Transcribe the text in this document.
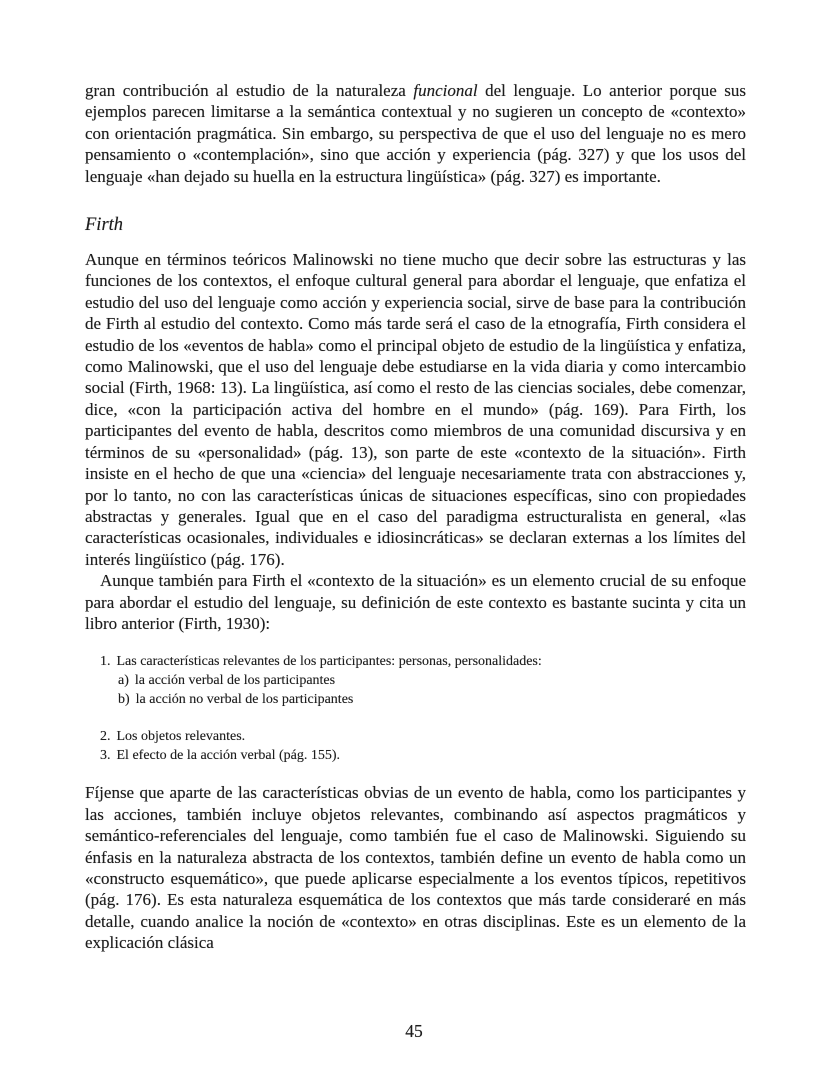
gran contribución al estudio de la naturaleza funcional del lenguaje. Lo anterior porque sus ejemplos parecen limitarse a la semántica contextual y no sugieren un concepto de «contexto» con orientación pragmática. Sin embargo, su perspectiva de que el uso del lenguaje no es mero pensamiento o «contemplación», sino que acción y experiencia (pág. 327) y que los usos del lenguaje «han dejado su huella en la estructura lingüística» (pág. 327) es importante.

Firth

Aunque en términos teóricos Malinowski no tiene mucho que decir sobre las estructuras y las funciones de los contextos, el enfoque cultural general para abordar el lenguaje, que enfatiza el estudio del uso del lenguaje como acción y experiencia social, sirve de base para la contribución de Firth al estudio del contexto. Como más tarde será el caso de la etnografía, Firth considera el estudio de los «eventos de habla» como el principal objeto de estudio de la lingüística y enfatiza, como Malinowski, que el uso del lenguaje debe estudiarse en la vida diaria y como intercambio social (Firth, 1968: 13). La lingüística, así como el resto de las ciencias sociales, debe comenzar, dice, «con la participación activa del hombre en el mundo» (pág. 169). Para Firth, los participantes del evento de habla, descritos como miembros de una comunidad discursiva y en términos de su «personalidad» (pág. 13), son parte de este «contexto de la situación». Firth insiste en el hecho de que una «ciencia» del lenguaje necesariamente trata con abstracciones y, por lo tanto, no con las características únicas de situaciones específicas, sino con propiedades abstractas y generales. Igual que en el caso del paradigma estructuralista en general, «las características ocasionales, individuales e idiosincráticas» se declaran externas a los límites del interés lingüístico (pág. 176).

Aunque también para Firth el «contexto de la situación» es un elemento crucial de su enfoque para abordar el estudio del lenguaje, su definición de este contexto es bastante sucinta y cita un libro anterior (Firth, 1930):

1. Las características relevantes de los participantes: personas, personalidades:
a) la acción verbal de los participantes
b) la acción no verbal de los participantes
2. Los objetos relevantes.
3. El efecto de la acción verbal (pág. 155).

Fíjense que aparte de las características obvias de un evento de habla, como los participantes y las acciones, también incluye objetos relevantes, combinando así aspectos pragmáticos y semántico-referenciales del lenguaje, como también fue el caso de Malinowski. Siguiendo su énfasis en la naturaleza abstracta de los contextos, también define un evento de habla como un «constructo esquemático», que puede aplicarse especialmente a los eventos típicos, repetitivos (pág. 176). Es esta naturaleza esquemática de los contextos que más tarde consideraré en más detalle, cuando analice la noción de «contexto» en otras disciplinas. Este es un elemento de la explicación clásica

45
